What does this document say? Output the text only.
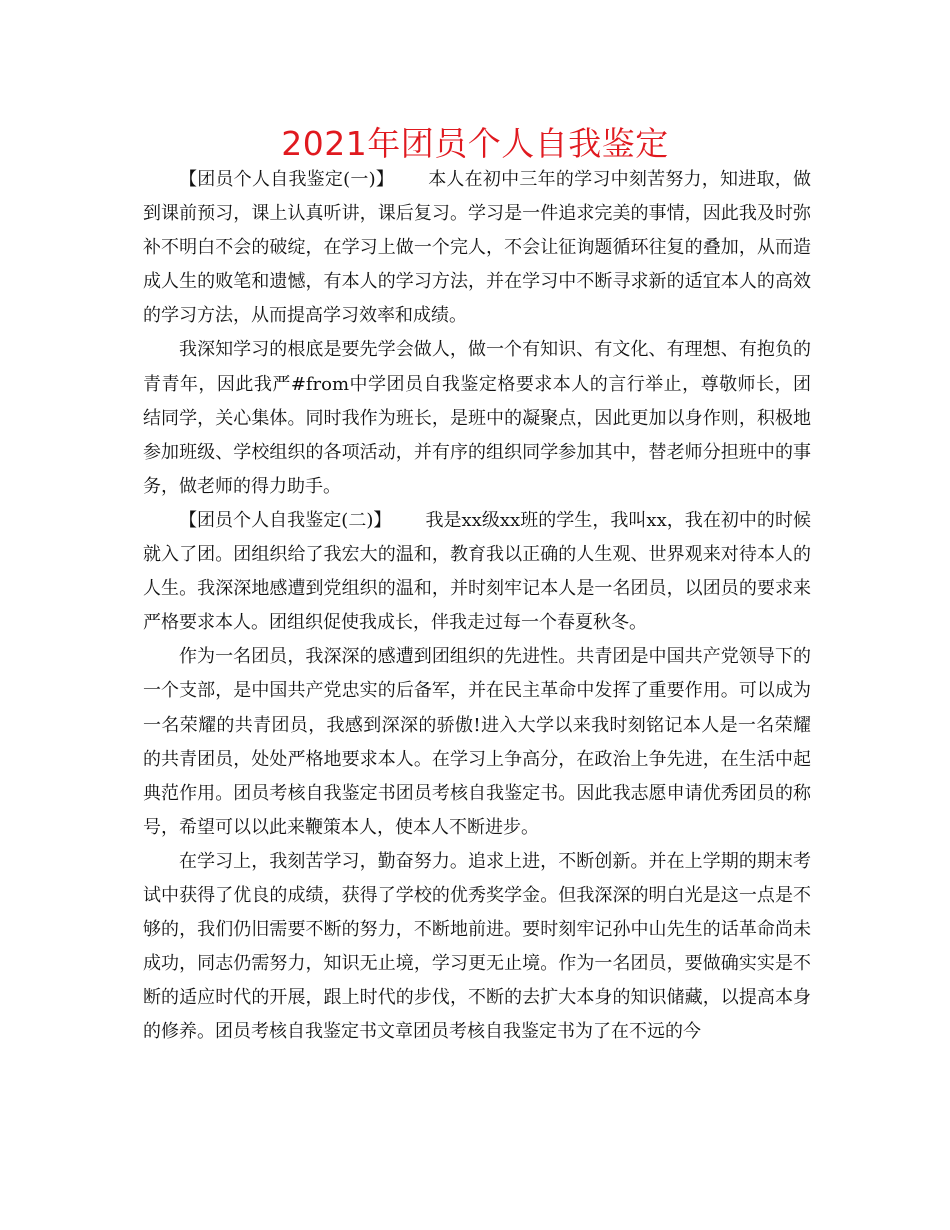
2021年团员个人自我鉴定

【团员个人自我鉴定(一)】 本人在初中三年的学习中刻苦努力，知进取，做到课前预习，课上认真听讲，课后复习。学习是一件追求完美的事情，因此我及时弥补不明白不会的破绽，在学习上做一个完人，不会让征询题循环往复的叠加，从而造成人生的败笔和遗憾，有本人的学习方法，并在学习中不断寻求新的适宜本人的高效的学习方法，从而提高学习效率和成绩。

我深知学习的根底是要先学会做人，做一个有知识、有文化、有理想、有抱负的青青年，因此我严#from中学团员自我鉴定格要求本人的言行举止，尊敬师长，团结同学，关心集体。同时我作为班长，是班中的凝聚点，因此更加以身作则，积极地参加班级、学校组织的各项活动，并有序的组织同学参加其中，替老师分担班中的事务，做老师的得力助手。

【团员个人自我鉴定(二)】 我是xx级xx班的学生，我叫xx，我在初中的时候就入了团。团组织给了我宏大的温和，教育我以正确的人生观、世界观来对待本人的人生。我深深地感遭到党组织的温和，并时刻牢记本人是一名团员，以团员的要求来严格要求本人。团组织促使我成长，伴我走过每一个春夏秋冬。

作为一名团员，我深深的感遭到团组织的先进性。共青团是中国共产党领导下的一个支部，是中国共产党忠实的后备军，并在民主革命中发挥了重要作用。可以成为一名荣耀的共青团员，我感到深深的骄傲!进入大学以来我时刻铭记本人是一名荣耀的共青团员，处处严格地要求本人。在学习上争高分，在政治上争先进，在生活中起典范作用。团员考核自我鉴定书团员考核自我鉴定书。因此我志愿申请优秀团员的称号，希望可以以此来鞭策本人，使本人不断进步。

在学习上，我刻苦学习，勤奋努力。追求上进，不断创新。并在上学期的期末考试中获得了优良的成绩，获得了学校的优秀奖学金。但我深深的明白光是这一点是不够的，我们仍旧需要不断的努力，不断地前进。要时刻牢记孙中山先生的话革命尚未成功，同志仍需努力，知识无止境，学习更无止境。作为一名团员，要做确实实是不断的适应时代的开展，跟上时代的步伐，不断的去扩大本身的知识储藏，以提高本身的修养。团员考核自我鉴定书文章团员考核自我鉴定书为了在不远的今
